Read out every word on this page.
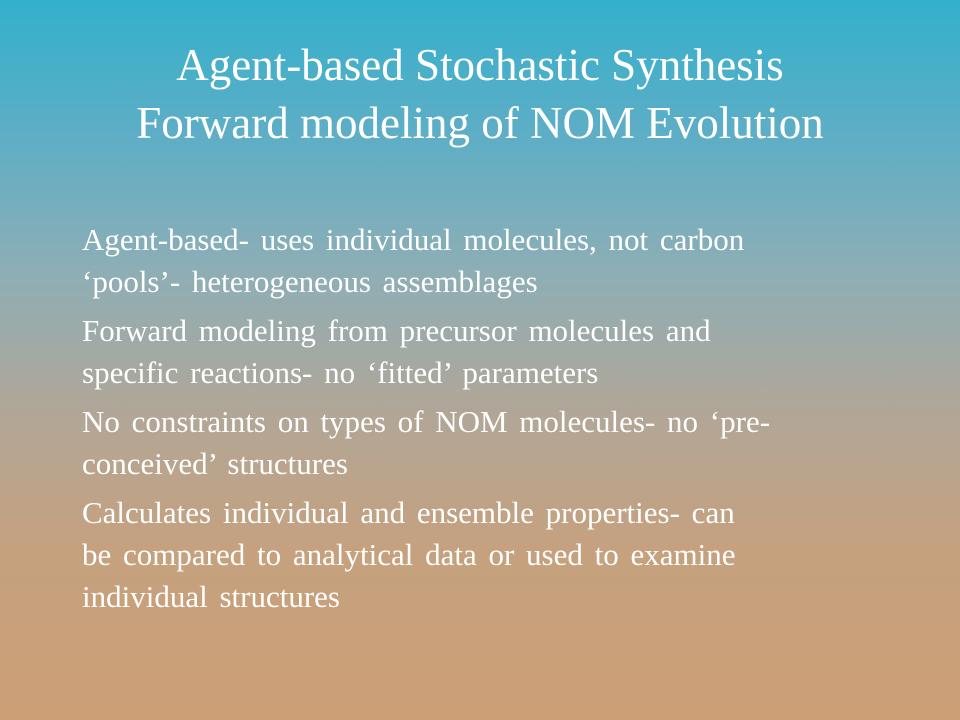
Agent-based Stochastic Synthesis
Forward modeling of NOM Evolution
Agent-based- uses individual molecules, not carbon
‘pools’- heterogeneous assemblages
Forward modeling from precursor molecules and
specific reactions- no ‘fitted’ parameters
No constraints on types of NOM molecules- no ‘pre-
conceived’ structures
Calculates individual and ensemble properties- can
be compared to analytical data or used to examine
individual structures
